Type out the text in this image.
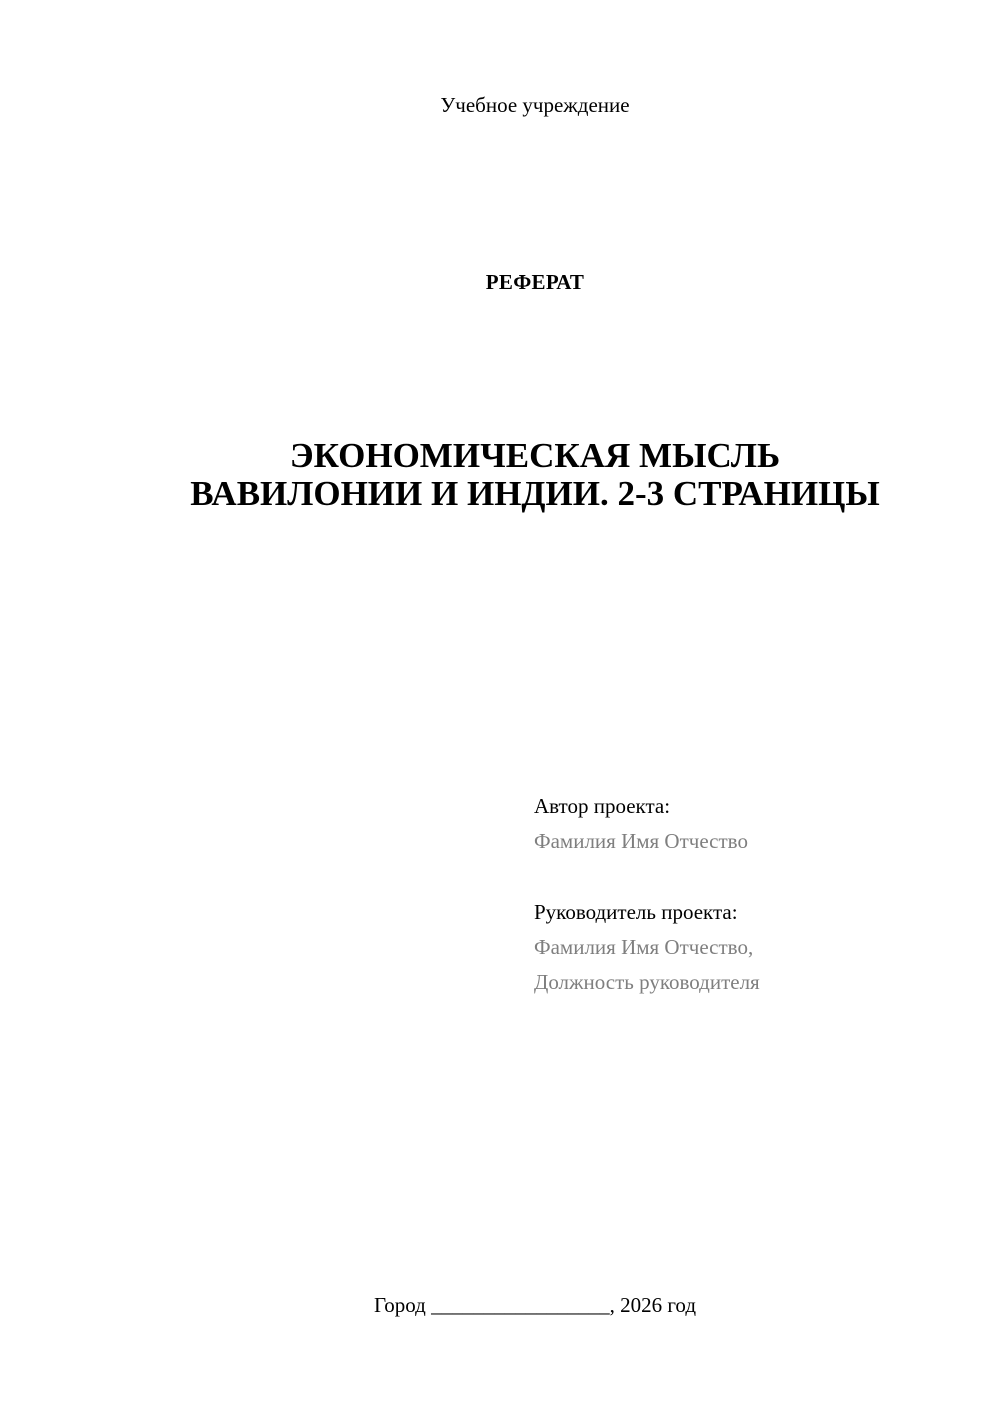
Учебное учреждение
РЕФЕРАТ
ЭКОНОМИЧЕСКАЯ МЫСЛЬ
ВАВИЛОНИИ И ИНДИИ. 2-3 СТРАНИЦЫ
Автор проекта:
Фамилия Имя Отчество
Руководитель проекта:
Фамилия Имя Отчество,
Должность руководителя
Город _________________, 2026 год
